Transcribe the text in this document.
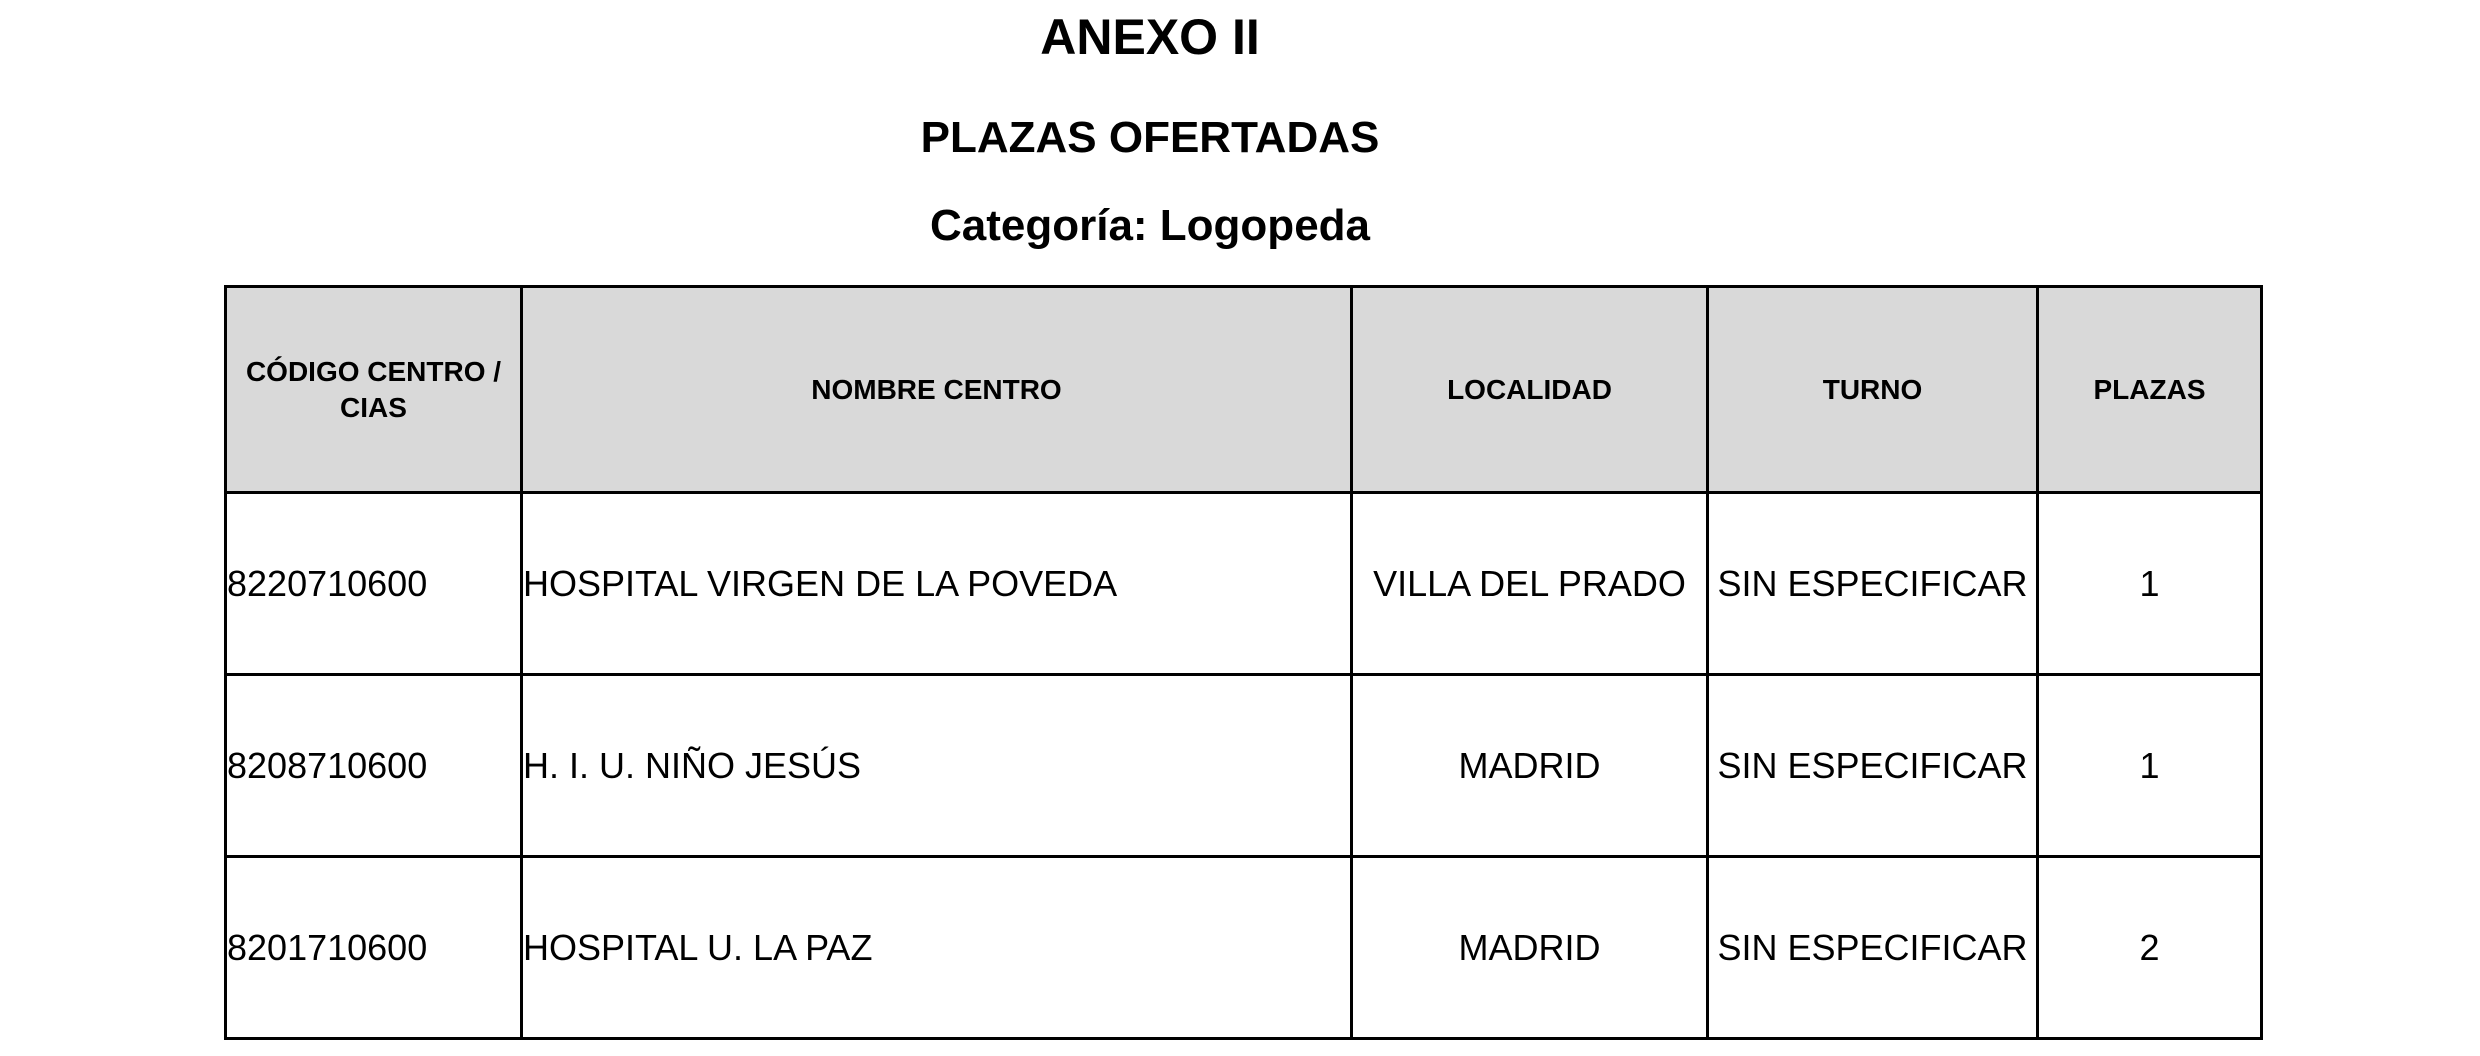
ANEXO II
PLAZAS OFERTADAS
Categoría: Logopeda
CÓDIGO CENTRO / CIAS	NOMBRE CENTRO	LOCALIDAD	TURNO	PLAZAS
8220710600	HOSPITAL VIRGEN DE LA POVEDA	VILLA DEL PRADO	SIN ESPECIFICAR	1
8208710600	H. I. U. NIÑO JESÚS	MADRID	SIN ESPECIFICAR	1
8201710600	HOSPITAL U. LA PAZ	MADRID	SIN ESPECIFICAR	2
